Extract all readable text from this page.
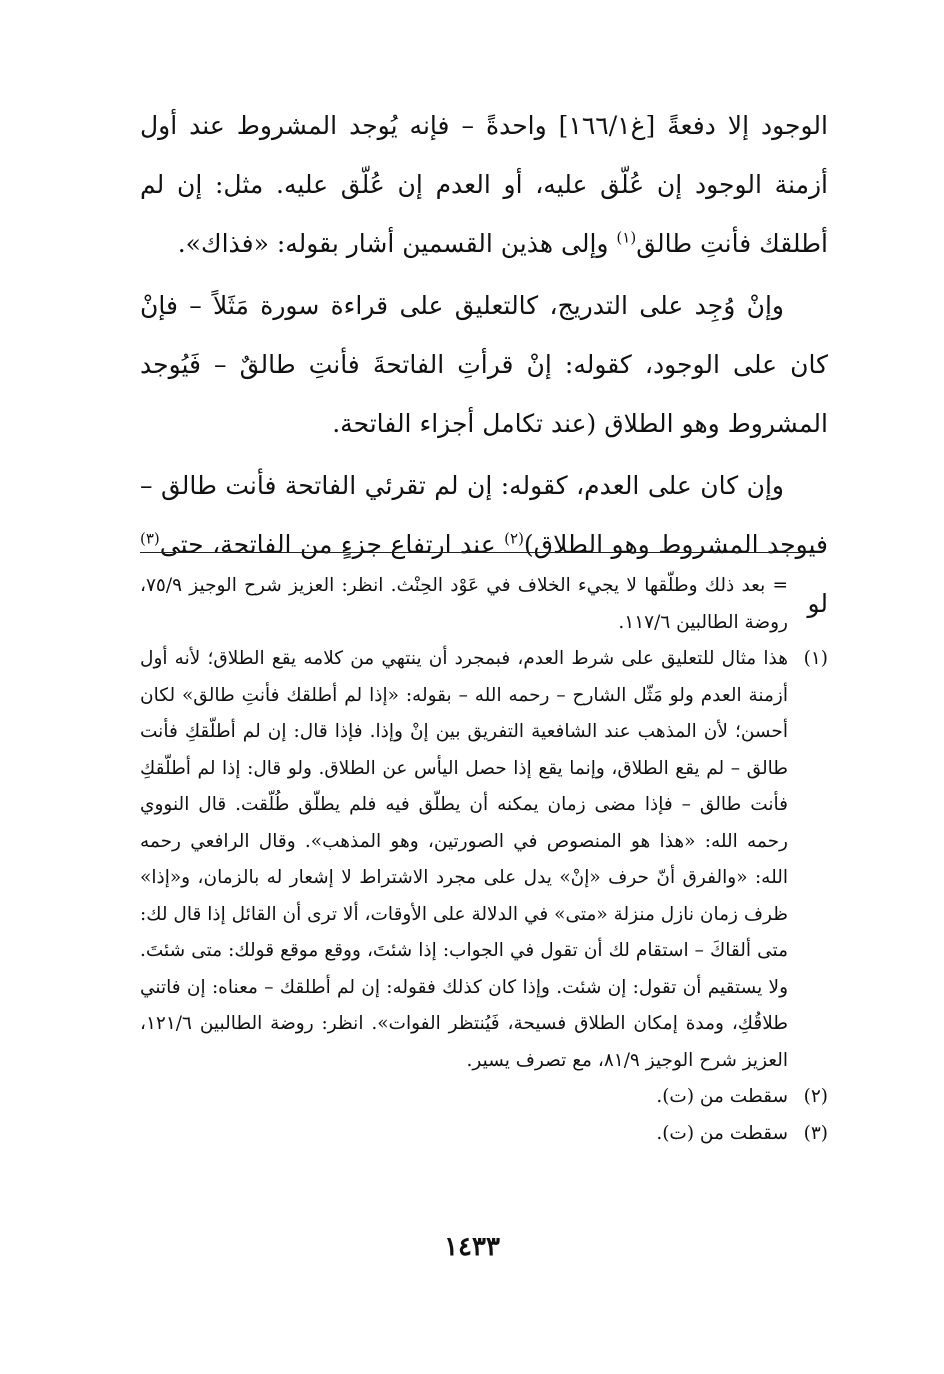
الوجود إلا دفعةً [غ١٦٦/١] واحدةً – فإنه يُوجد المشروط عند أول أزمنة الوجود إن عُلّق عليه، أو العدم إن عُلّق عليه. مثل: إن لم أطلقك فأنتِ طالق$^{(١)}$ وإلى هذين القسمين أشار بقوله: «فذاك».

وإنْ وُجِد على التدريج، كالتعليق على قراءة سورة مَثَلاً – فإنْ كان على الوجود، كقوله: إنْ قرأتِ الفاتحةَ فأنتِ طالقٌ – فَيُوجد المشروط وهو الطلاق (عند تكامل أجزاء الفاتحة.

وإن كان على العدم، كقوله: إن لم تقرئي الفاتحة فأنت طالق – فيوجد المشروط وهو الطلاق)$^{(٢)}$ عند ارتفاع جزءٍ من الفاتحة، حتى$^{(٣)}$ لو

= بعد ذلك وطلّقها لا يجيء الخلاف في عَوْد الحِنْث. انظر: العزيز شرح الوجيز ٧٥/٩، روضة الطالبين ١١٧/٦.

(١)
هذا مثال للتعليق على شرط العدم، فبمجرد أن ينتهي من كلامه يقع الطلاق؛ لأنه أول أزمنة العدم ولو مَثّل الشارح – رحمه الله – بقوله: «إذا لم أطلقك فأنتِ طالق» لكان أحسن؛ لأن المذهب عند الشافعية التفريق بين إنْ وإذا. فإذا قال: إن لم أطلّقكِ فأنت طالق – لم يقع الطلاق، وإنما يقع إذا حصل اليأس عن الطلاق. ولو قال: إذا لم أطلّقكِ فأنت طالق – فإذا مضى زمان يمكنه أن يطلّق فيه فلم يطلّق طُلّقت. قال النووي رحمه الله: «هذا هو المنصوص في الصورتين، وهو المذهب». وقال الرافعي رحمه الله: «والفرق أنّ حرف «إنْ» يدل على مجرد الاشتراط لا إشعار له بالزمان، و«إذا» ظرف زمان نازل منزلة «متى» في الدلالة على الأوقات، ألا ترى أن القائل إذا قال لك: متى ألقاكَ – استقام لك أن تقول في الجواب: إذا شئتَ، ووقع موقع قولك: متى شئتَ. ولا يستقيم أن تقول: إن شئت. وإذا كان كذلك فقوله: إن لم أطلقك – معناه: إن فاتني طلاقُكِ، ومدة إمكان الطلاق فسيحة، فَيُنتظر الفوات». انظر: روضة الطالبين ١٢١/٦، العزيز شرح الوجيز ٨١/٩، مع تصرف يسير.

(٢)
سقطت من (ت).

(٣)
سقطت من (ت).

١٤٣٣
